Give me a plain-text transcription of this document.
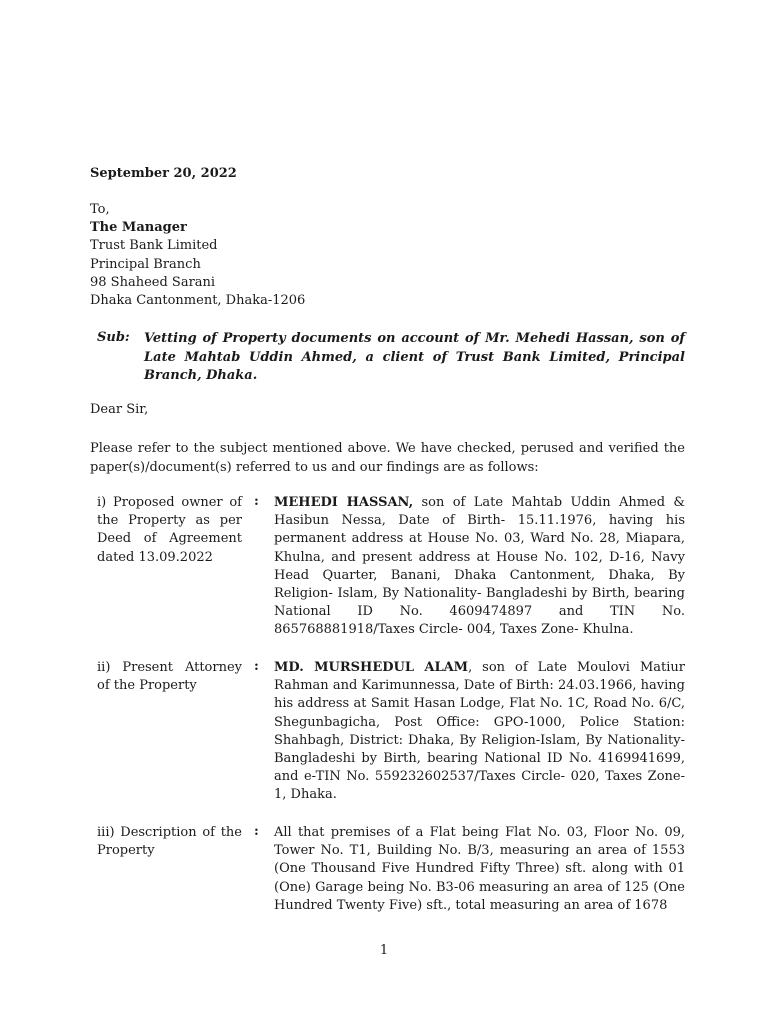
September 20, 2022
To,
The Manager
Trust Bank Limited
Principal Branch
98 Shaheed Sarani
Dhaka Cantonment, Dhaka-1206
Sub: Vetting of Property documents on account of Mr. Mehedi Hassan, son of Late Mahtab Uddin Ahmed, a client of Trust Bank Limited, Principal Branch, Dhaka.
Dear Sir,
Please refer to the subject mentioned above. We have checked, perused and verified the paper(s)/document(s) referred to us and our findings are as follows:
i) Proposed owner of the Property as per Deed of Agreement dated 13.09.2022
: MEHEDI HASSAN, son of Late Mahtab Uddin Ahmed & Hasibun Nessa, Date of Birth- 15.11.1976, having his permanent address at House No. 03, Ward No. 28, Miapara, Khulna, and present address at House No. 102, D-16, Navy Head Quarter, Banani, Dhaka Cantonment, Dhaka, By Religion- Islam, By Nationality- Bangladeshi by Birth, bearing National ID No. 4609474897 and TIN No. 865768881918/Taxes Circle- 004, Taxes Zone- Khulna.
ii) Present Attorney of the Property
: MD. MURSHEDUL ALAM, son of Late Moulovi Matiur Rahman and Karimunnessa, Date of Birth: 24.03.1966, having his address at Samit Hasan Lodge, Flat No. 1C, Road No. 6/C, Shegunbagicha, Post Office: GPO-1000, Police Station: Shahbagh, District: Dhaka, By Religion-Islam, By Nationality-Bangladeshi by Birth, bearing National ID No. 4169941699, and e-TIN No. 559232602537/Taxes Circle- 020, Taxes Zone-1, Dhaka.
iii) Description of the Property
: All that premises of a Flat being Flat No. 03, Floor No. 09, Tower No. T1, Building No. B/3, measuring an area of 1553 (One Thousand Five Hundred Fifty Three) sft. along with 01 (One) Garage being No. B3-06 measuring an area of 125 (One Hundred Twenty Five) sft., total measuring an area of 1678
1
